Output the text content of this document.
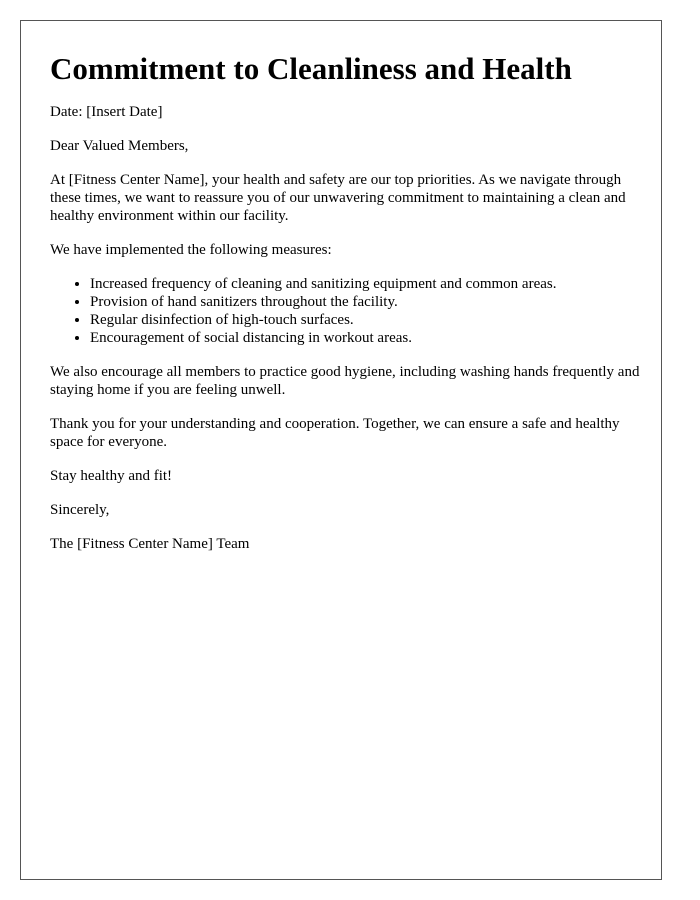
Commitment to Cleanliness and Health

Date: [Insert Date]

Dear Valued Members,

At [Fitness Center Name], your health and safety are our top priorities. As we navigate through these times, we want to reassure you of our unwavering commitment to maintaining a clean and healthy environment within our facility.

We have implemented the following measures:

• Increased frequency of cleaning and sanitizing equipment and common areas.
• Provision of hand sanitizers throughout the facility.
• Regular disinfection of high-touch surfaces.
• Encouragement of social distancing in workout areas.

We also encourage all members to practice good hygiene, including washing hands frequently and staying home if you are feeling unwell.

Thank you for your understanding and cooperation. Together, we can ensure a safe and healthy space for everyone.

Stay healthy and fit!

Sincerely,

The [Fitness Center Name] Team
